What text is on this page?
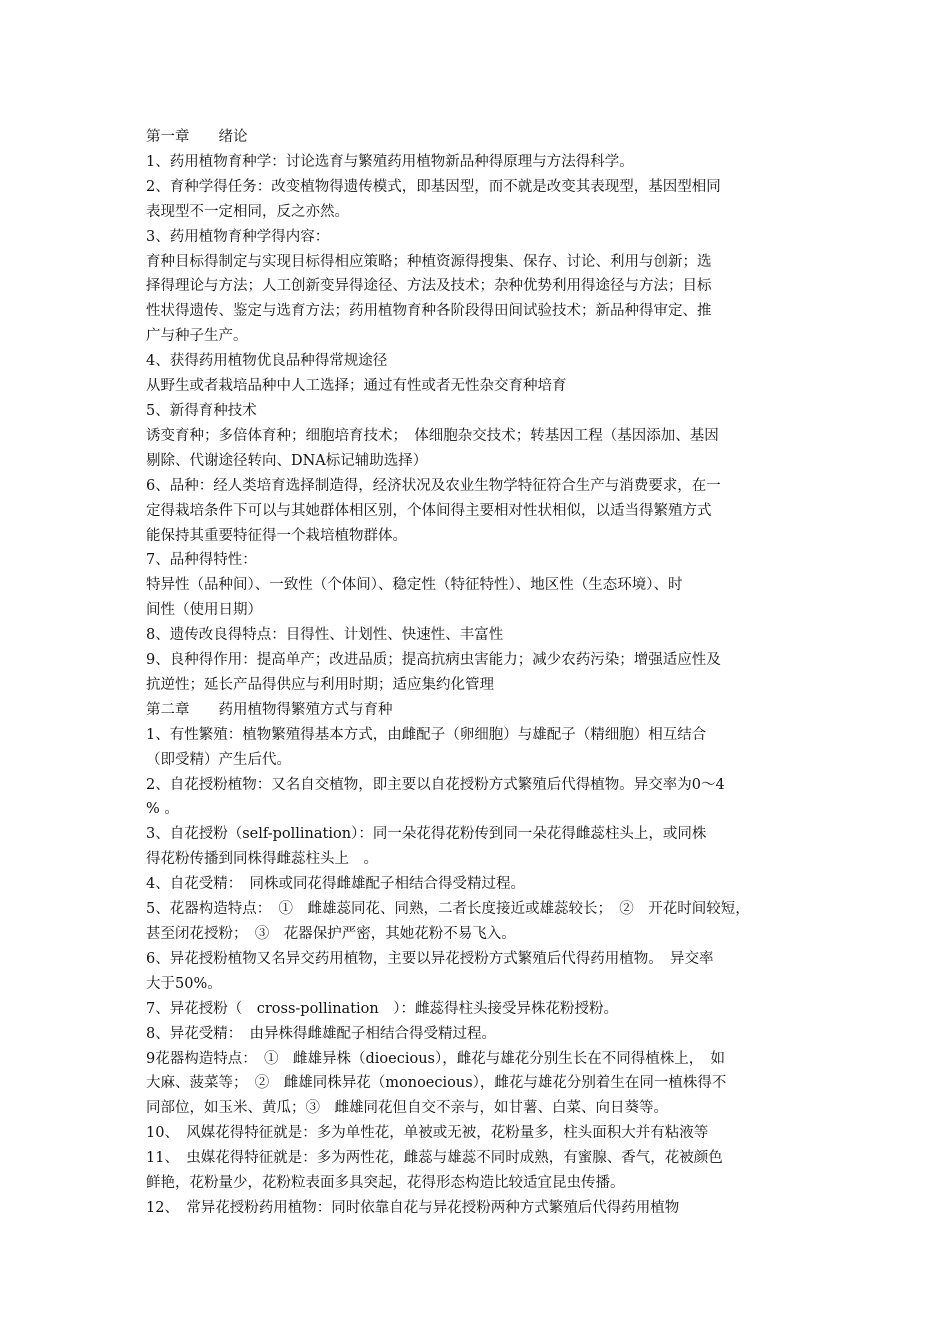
第一章　　绪论
1、药用植物育种学：讨论选育与繁殖药用植物新品种得原理与方法得科学。
2、育种学得任务：改变植物得遗传模式，即基因型，而不就是改变其表现型，基因型相同
表现型不一定相同，反之亦然。
3、药用植物育种学得内容：
育种目标得制定与实现目标得相应策略；种植资源得搜集、保存、讨论、利用与创新；选
择得理论与方法；人工创新变异得途径、方法及技术；杂种优势利用得途径与方法；目标
性状得遗传、鉴定与选育方法；药用植物育种各阶段得田间试验技术；新品种得审定、推
广与种子生产。
4、获得药用植物优良品种得常规途径
从野生或者栽培品种中人工选择；通过有性或者无性杂交育种培育
5、新得育种技术
诱变育种；多倍体育种；细胞培育技术；　体细胞杂交技术；转基因工程（基因添加、基因
剔除、代谢途径转向、DNA标记辅助选择）
6、品种：经人类培育选择制造得，经济状况及农业生物学特征符合生产与消费要求，在一
定得栽培条件下可以与其她群体相区别，个体间得主要相对性状相似，以适当得繁殖方式
能保持其重要特征得一个栽培植物群体。
7、品种得特性：
特异性（品种间）、一致性（个体间）、稳定性（特征特性）、地区性（生态环境）、时
间性（使用日期）
8、遗传改良得特点：目得性、计划性、快速性、丰富性
9、良种得作用：提高单产；改进品质；提高抗病虫害能力；减少农药污染；增强适应性及
抗逆性；延长产品得供应与利用时期；适应集约化管理
第二章　　药用植物得繁殖方式与育种
1、有性繁殖：植物繁殖得基本方式，由雌配子（卵细胞）与雄配子（精细胞）相互结合
（即受精）产生后代。
2、自花授粉植物：又名自交植物，即主要以自花授粉方式繁殖后代得植物。异交率为0～4
% 。
3、自花授粉（self-pollination）：同一朵花得花粉传到同一朵花得雌蕊柱头上，或同株
得花粉传播到同株得雌蕊柱头上　。
4、自花受精：　同株或同花得雌雄配子相结合得受精过程。
5、花器构造特点：　①　雌雄蕊同花、同熟，二者长度接近或雄蕊较长；　②　开花时间较短，
甚至闭花授粉；　③　花器保护严密，其她花粉不易飞入。
6、异花授粉植物又名异交药用植物，主要以异花授粉方式繁殖后代得药用植物。　异交率
大于50%。
7、异花授粉（　cross-pollination　）：雌蕊得柱头接受异株花粉授粉。
8、异花受精：　由异株得雌雄配子相结合得受精过程。
9花器构造特点：　①　雌雄异株（dioecious），雌花与雄花分别生长在不同得植株上，　如
大麻、菠菜等；　②　雌雄同株异花（monoecious），雌花与雄花分别着生在同一植株得不
同部位，如玉米、黄瓜；③　雌雄同花但自交不亲与，如甘薯、白菜、向日葵等。
10、　风媒花得特征就是：多为单性花，单被或无被，花粉量多，柱头面积大并有粘液等
11、　虫媒花得特征就是：多为两性花，雌蕊与雄蕊不同时成熟，有蜜腺、香气，花被颜色
鲜艳，花粉量少，花粉粒表面多具突起，花得形态构造比较适宜昆虫传播。
12、　常异花授粉药用植物：同时依靠自花与异花授粉两种方式繁殖后代得药用植物
